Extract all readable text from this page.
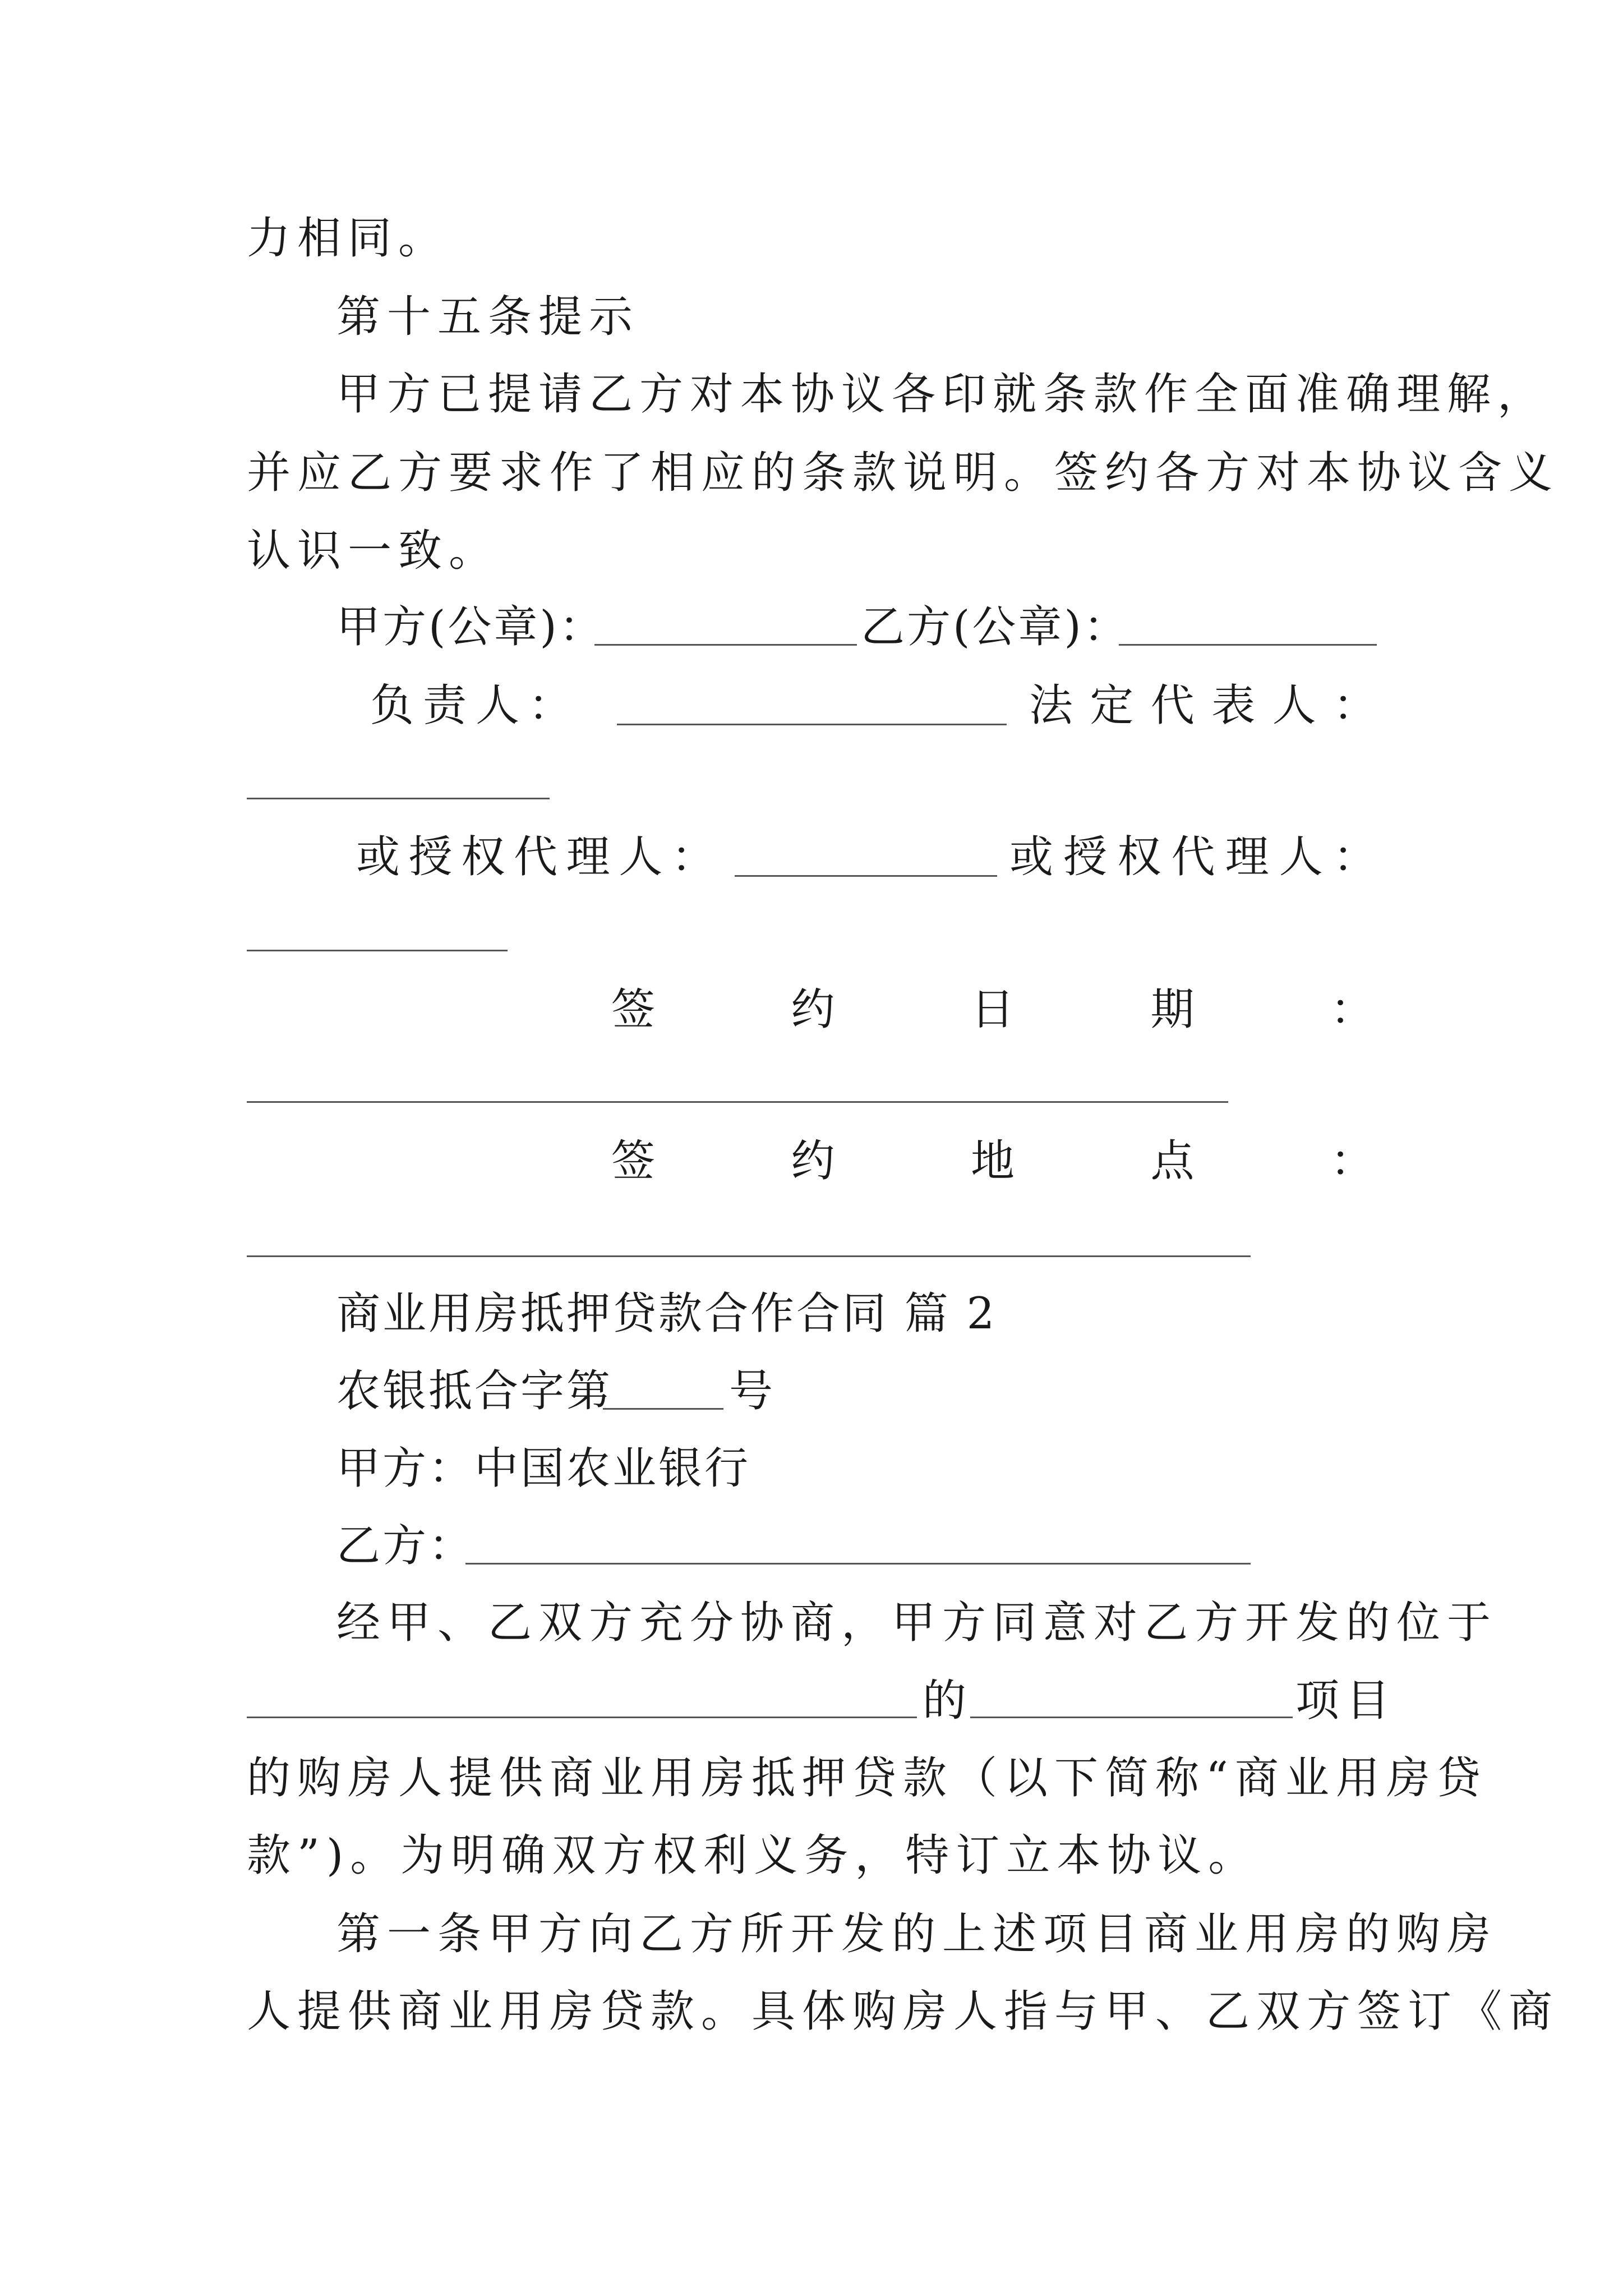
力相同。
第十五条提示
甲方已提请乙方对本协议各印就条款作全面准确理解，
并应乙方要求作了相应的条款说明。签约各方对本协议含义
认识一致。
甲方(公章)：	乙方(公章)：
负 责 人 ：	法 定 代 表 人 ：
或 授 权 代 理 人 ：	或 授 权 代 理 人 ：
签	约	日	期	：
签	约	地	点	：
商业用房抵押贷款合作合同 篇 2
农银抵合字第	号
甲方：中国农业银行
乙方：
经甲、乙双方充分协商，甲方同意对乙方开发的位于
的	项目
的购房人提供商业用房抵押贷款（以下简称“商业用房贷
款”)。为明确双方权利义务，特订立本协议。
第一条甲方向乙方所开发的上述项目商业用房的购房
人提供商业用房贷款。具体购房人指与甲、乙双方签订《商
